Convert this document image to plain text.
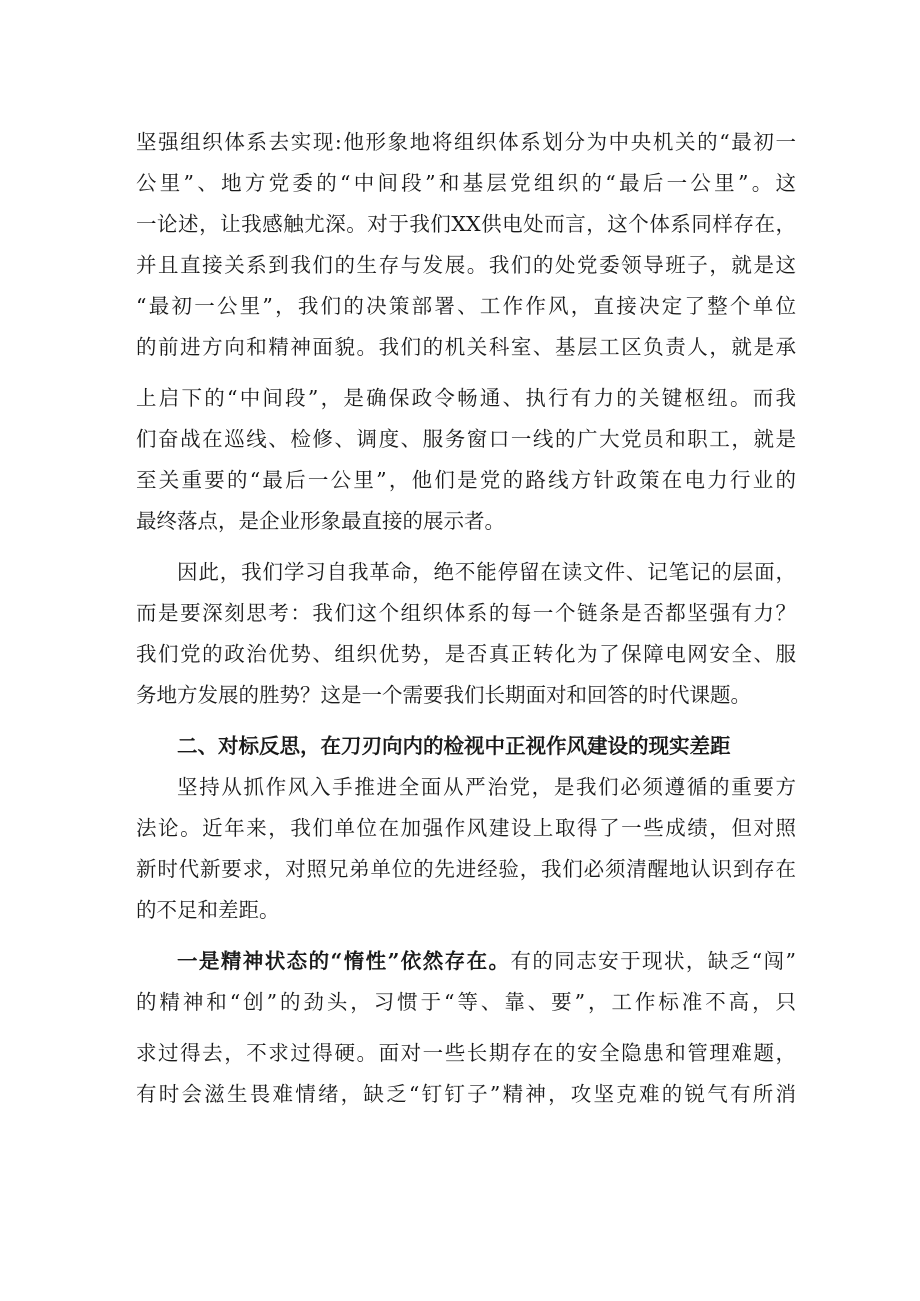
坚强组织体系去实现:他形象地将组织体系划分为中央机关的“最初一
公里”、地方党委的“中间段”和基层党组织的“最后一公里”。这
一论述，让我感触尤深。对于我们XX供电处而言，这个体系同样存在，
并且直接关系到我们的生存与发展。我们的处党委领导班子，就是这
“最初一公里”，我们的决策部署、工作作风，直接决定了整个单位
的前进方向和精神面貌。我们的机关科室、基层工区负责人，就是承
上启下的“中间段”，是确保政令畅通、执行有力的关键枢纽。而我
们奋战在巡线、检修、调度、服务窗口一线的广大党员和职工，就是
至关重要的“最后一公里”，他们是党的路线方针政策在电力行业的
最终落点，是企业形象最直接的展示者。
因此，我们学习自我革命，绝不能停留在读文件、记笔记的层面，
而是要深刻思考：我们这个组织体系的每一个链条是否都坚强有力？
我们党的政治优势、组织优势，是否真正转化为了保障电网安全、服
务地方发展的胜势？这是一个需要我们长期面对和回答的时代课题。
二、对标反思，在刀刃向内的检视中正视作风建设的现实差距
坚持从抓作风入手推进全面从严治党，是我们必须遵循的重要方
法论。近年来，我们单位在加强作风建设上取得了一些成绩，但对照
新时代新要求，对照兄弟单位的先进经验，我们必须清醒地认识到存在
的不足和差距。
一是精神状态的“惰性”依然存在。有的同志安于现状，缺乏“闯”
的精神和“创”的劲头，习惯于“等、靠、要”，工作标准不高，只
求过得去，不求过得硬。面对一些长期存在的安全隐患和管理难题，
有时会滋生畏难情绪，缺乏“钉钉子”精神，攻坚克难的锐气有所消
